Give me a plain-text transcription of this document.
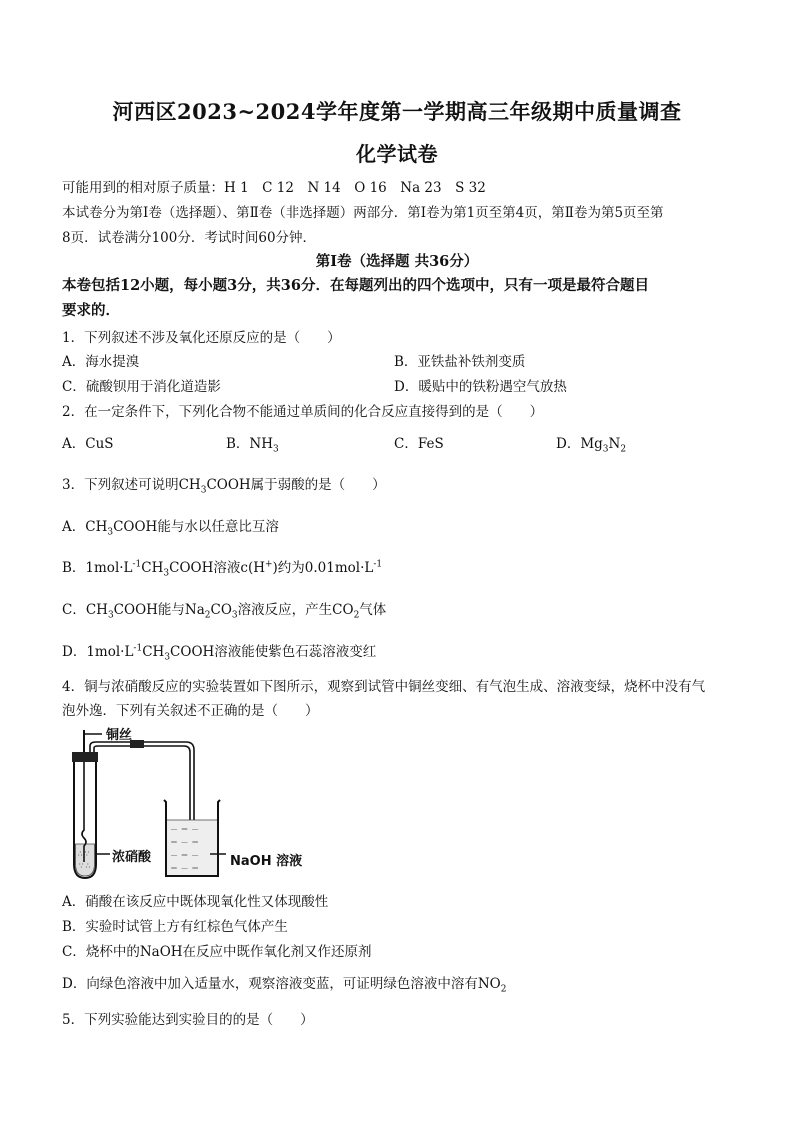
河西区2023~2024学年度第一学期高三年级期中质量调查
化学试卷
可能用到的相对原子质量：H 1　C 12　N 14　O 16　Na 23　S 32
本试卷分为第Ⅰ卷（选择题）、第Ⅱ卷（非选择题）两部分．第Ⅰ卷为第1页至第4页，第Ⅱ卷为第5页至第
8页．试卷满分100分．考试时间60分钟．
第Ⅰ卷（选择题 共36分）
本卷包括12小题，每小题3分，共36分．在每题列出的四个选项中，只有一项是最符合题目
要求的．
1．下列叙述不涉及氧化还原反应的是（　　）
A．海水提溴	B．亚铁盐补铁剂变质
C．硫酸钡用于消化道造影	D．暖贴中的铁粉遇空气放热
2．在一定条件下，下列化合物不能通过单质间的化合反应直接得到的是（　　）
A．CuS	B．$NH_3$	C．FeS	D．$Mg_3N_2$
3．下列叙述可说明$CH_3COOH$属于弱酸的是（　　）
A．$CH_3COOH$能与水以任意比互溶
B．$1mol\cdot L^{-1}CH_3COOH$溶液c(H+)约为$0.01mol\cdot L^{-1}$
C．$CH_3COOH$能与$Na_2CO_3$溶液反应，产生$CO_2$气体
D．$1mol\cdot L^{-1}CH_3COOH$溶液能使紫色石蕊溶液变红
4．铜与浓硝酸反应的实验装置如下图所示，观察到试管中铜丝变细、有气泡生成、溶液变绿，烧杯中没有气
泡外逸．下列有关叙述不正确的是（　　）
∴ ∵
∵ ∴
－ ＝ －
＝ － ＝
－ ＝ －
＝ － ＝
铜丝
浓硝酸	NaOH 溶液
A．硝酸在该反应中既体现氧化性又体现酸性
B．实验时试管上方有红棕色气体产生
C．烧杯中的NaOH在反应中既作氧化剂又作还原剂
D．向绿色溶液中加入适量水，观察溶液变蓝，可证明绿色溶液中溶有$NO_2$
5．下列实验能达到实验目的的是（　　）
